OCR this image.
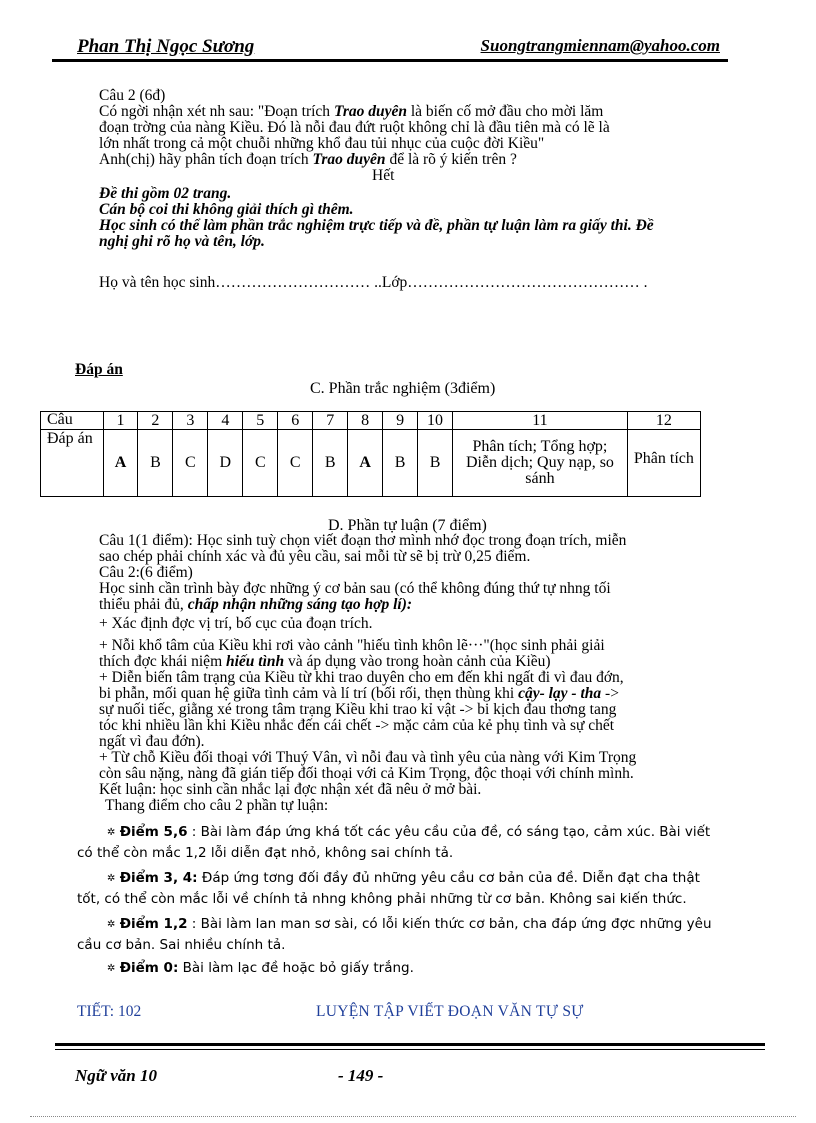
Phan Thị Ngọc Sương	Suongtrangmiennam@yahoo.com
Câu 2 (6đ)
Có ngời nhận xét nh sau: "Đoạn trích Trao duyên là biến cố mở đầu cho mời lăm
đoạn trờng của nàng Kiều. Đó là nỗi đau đứt ruột không chỉ là đầu tiên mà có lẽ là
lớn nhất trong cả một chuỗi những khổ đau tủi nhục của cuộc đời Kiều"
Anh(chị) hãy phân tích đoạn trích Trao duyên để là rõ ý kiến trên ?
Hết
Đề thi gồm 02 trang.
Cán bộ coi thi không giải thích gì thêm.
Học sinh có thể làm phần trắc nghiệm trực tiếp và đề, phần tự luận làm ra giấy thi. Đề
nghị ghi rõ họ và tên, lớp.
Họ và tên học sinh………………………… ..Lớp……………………………………… .
Đáp án
C. Phần trắc nghiệm (3điểm)
Câu	1	2	3	4	5	6	7	8	9	10	11	12
Đáp án	A	B	C	D	C	C	B	A	B	B	Phân tích; Tổng hợp;
Diễn dịch; Quy nạp, so sánh	Phân tích
D. Phần tự luận (7 điểm)
Câu 1(1 điểm): Học sinh tuỳ chọn viết đoạn thơ mình nhớ đọc trong đoạn trích, miễn
sao chép phải chính xác và đủ yêu cầu, sai mỗi từ sẽ bị trừ 0,25 điểm.
Câu 2:(6 điểm)
Học sinh cần trình bày đợc những ý cơ bản sau (có thể không đúng thứ tự nhng tối
thiểu phải đủ, chấp nhận những sáng tạo hợp lí):
+ Xác định đợc vị trí, bố cục của đoạn trích.
+ Nỗi khổ tâm của Kiều khi rơi vào cảnh "hiếu tình khôn lẽ···"(học sinh phải giải
thích đợc khái niệm hiếu tình và áp dụng vào trong hoàn cảnh của Kiều)
+ Diễn biến tâm trạng của Kiều từ khi trao duyên cho em đến khi ngất đi vì đau đớn,
bi phẫn, mối quan hệ giữa tình cảm và lí trí (bối rối, thẹn thùng khi cậy- lạy - tha ->
sự nuối tiếc, giằng xé trong tâm trạng Kiều khi trao kỉ vật -> bi kịch đau thơng tang
tóc khi nhiều lần khi Kiều nhắc đến cái chết -> mặc cảm của kẻ phụ tình và sự chết
ngất vì đau đớn).
+ Từ chỗ Kiều đối thoại với Thuý Vân, vì nỗi đau và tình yêu của nàng với Kim Trọng
còn sâu nặng, nàng đã gián tiếp đối thoại với cả Kim Trọng, độc thoại với chính mình.
Kết luận: học sinh cần nhắc lại đợc nhận xét đã nêu ở mở bài.
Thang điểm cho câu 2 phần tự luận:
✲ Điểm 5,6 : Bài làm đáp ứng khá tốt các yêu cầu của đề, có sáng tạo, cảm xúc. Bài viết
có thể còn mắc 1,2 lỗi diễn đạt nhỏ, không sai chính tả.
✲ Điểm 3, 4: Đáp ứng tơng đối đầy đủ những yêu cầu cơ bản của đề. Diễn đạt cha thật
tốt, có thể còn mắc lỗi về chính tả nhng không phải những từ cơ bản. Không sai kiến thức.
✲ Điểm 1,2 : Bài làm lan man sơ sài, có lỗi kiến thức cơ bản, cha đáp ứng đợc những yêu
cầu cơ bản. Sai nhiều chính tả.
✲ Điểm 0: Bài làm lạc đề hoặc bỏ giấy trắng.
TIẾT: 102	LUYỆN TẬP VIẾT ĐOẠN VĂN TỰ SỰ
Ngữ văn 10	- 149 -
